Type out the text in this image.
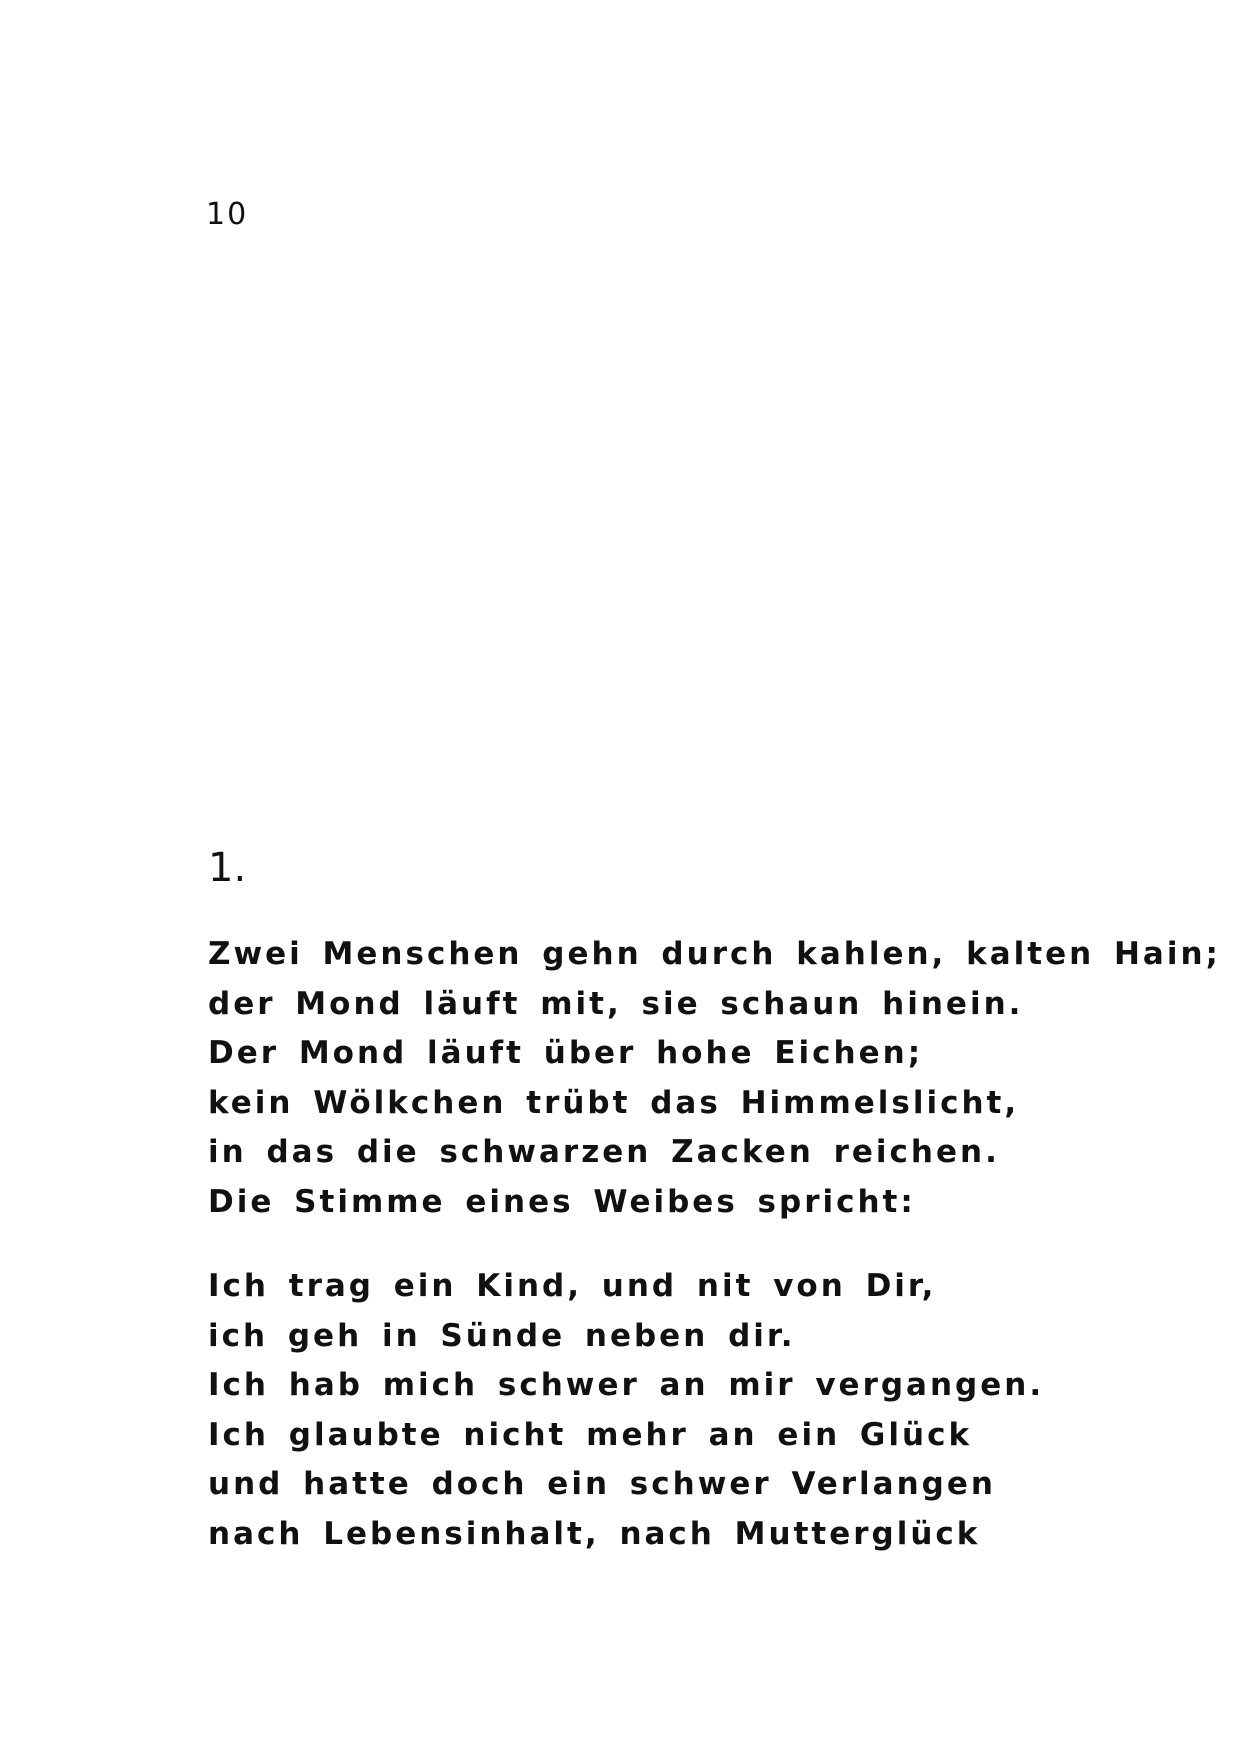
10
1.
Zwei Menschen gehn durch kahlen, kalten Hain;
der Mond läuft mit, sie schaun hinein.
Der Mond läuft über hohe Eichen;
kein Wölkchen trübt das Himmelslicht,
in das die schwarzen Zacken reichen.
Die Stimme eines Weibes spricht:
Ich trag ein Kind, und nit von Dir,
ich geh in Sünde neben dir.
Ich hab mich schwer an mir vergangen.
Ich glaubte nicht mehr an ein Glück
und hatte doch ein schwer Verlangen
nach Lebensinhalt, nach Mutterglück
